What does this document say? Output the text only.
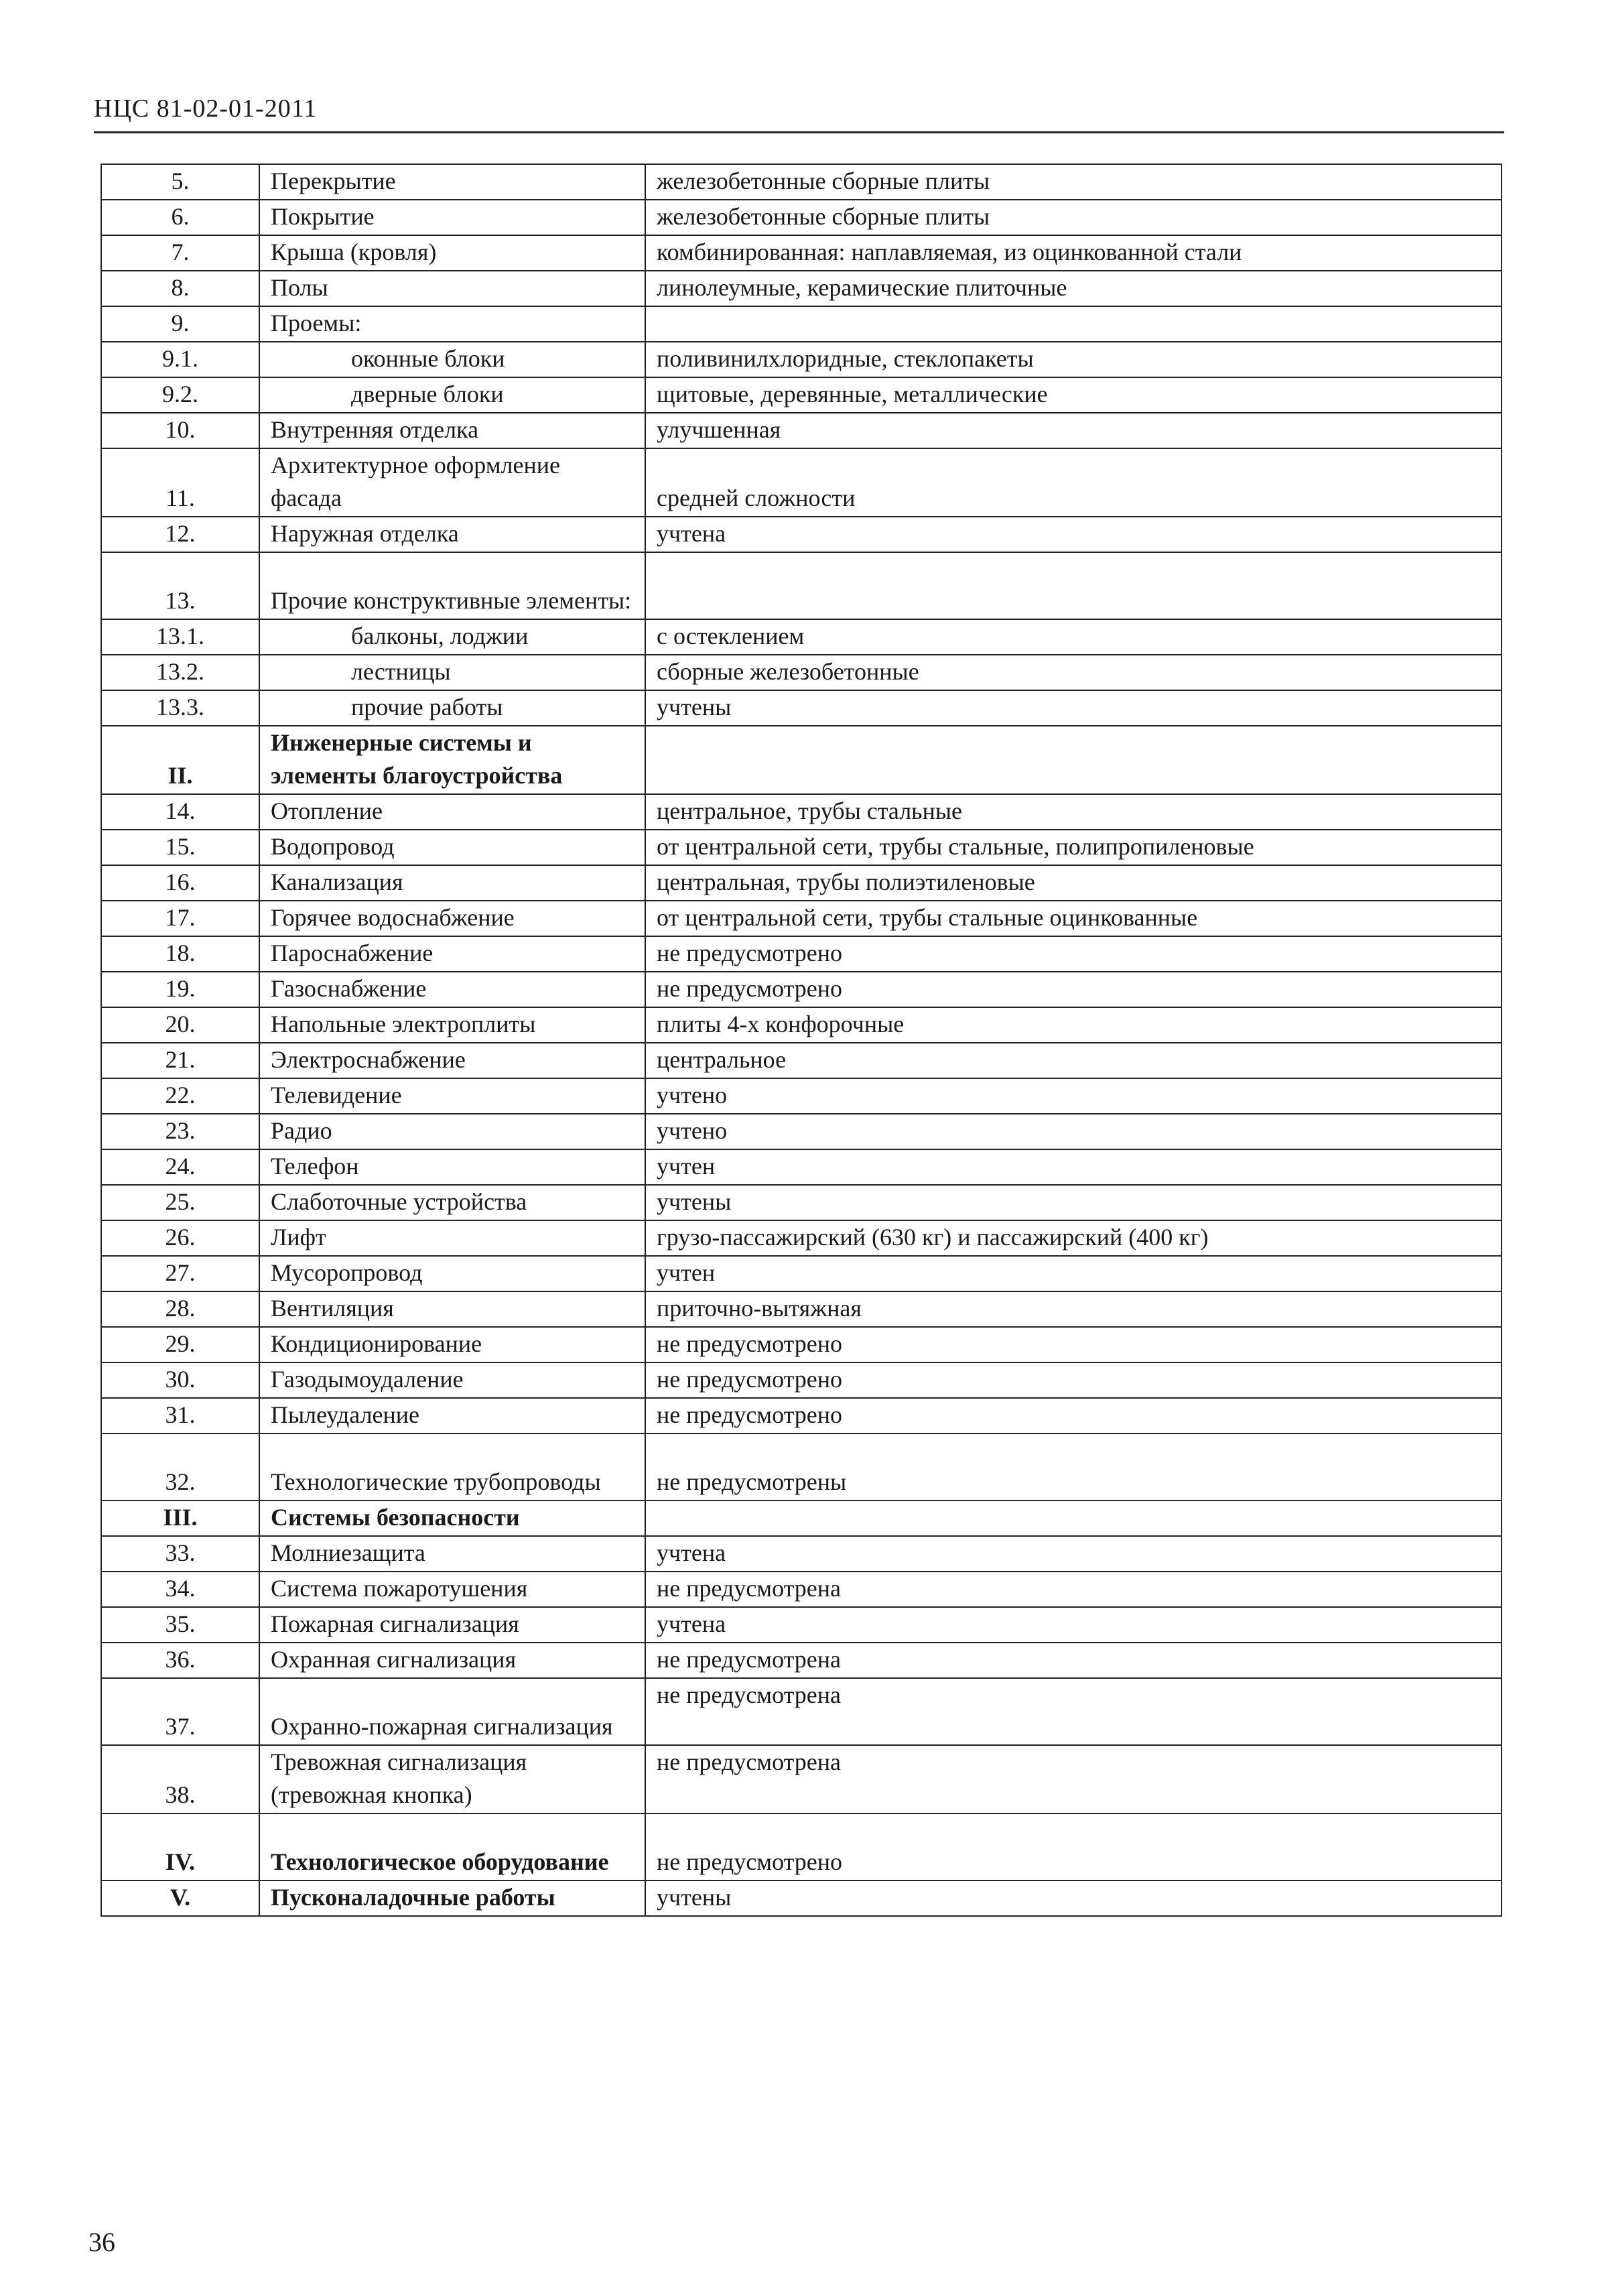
НЦС 81-02-01-2011
5.	Перекрытие	железобетонные сборные плиты
6.	Покрытие	железобетонные сборные плиты
7.	Крыша (кровля)	комбинированная: наплавляемая, из оцинкованной стали
8.	Полы	линолеумные, керамические плиточные
9.	Проемы:	
9.1.	оконные блоки	поливинилхлоридные, стеклопакеты
9.2.	дверные блоки	щитовые, деревянные, металлические
10.	Внутренняя отделка	улучшенная
11.	Архитектурное оформление фасада	средней сложности
12.	Наружная отделка	учтена
13.	Прочие конструктивные элементы:	
13.1.	балконы, лоджии	с остеклением
13.2.	лестницы	сборные железобетонные
13.3.	прочие работы	учтены
II.	Инженерные системы и элементы благоустройства	
14.	Отопление	центральное, трубы стальные
15.	Водопровод	от центральной сети, трубы стальные, полипропиленовые
16.	Канализация	центральная, трубы полиэтиленовые
17.	Горячее водоснабжение	от центральной сети, трубы стальные оцинкованные
18.	Пароснабжение	не предусмотрено
19.	Газоснабжение	не предусмотрено
20.	Напольные электроплиты	плиты 4-х конфорочные
21.	Электроснабжение	центральное
22.	Телевидение	учтено
23.	Радио	учтено
24.	Телефон	учтен
25.	Слаботочные устройства	учтены
26.	Лифт	грузо-пассажирский (630 кг) и пассажирский (400 кг)
27.	Мусоропровод	учтен
28.	Вентиляция	приточно-вытяжная
29.	Кондиционирование	не предусмотрено
30.	Газодымоудаление	не предусмотрено
31.	Пылеудаление	не предусмотрено
32.	Технологические трубопроводы	не предусмотрены
III.	Системы безопасности	
33.	Молниезащита	учтена
34.	Система пожаротушения	не предусмотрена
35.	Пожарная сигнализация	учтена
36.	Охранная сигнализация	не предусмотрена
37.	Охранно-пожарная сигнализация	не предусмотрена
38.	Тревожная сигнализация (тревожная кнопка)	не предусмотрена
IV.	Технологическое оборудование	не предусмотрено
V.	Пусконаладочные работы	учтены
36
